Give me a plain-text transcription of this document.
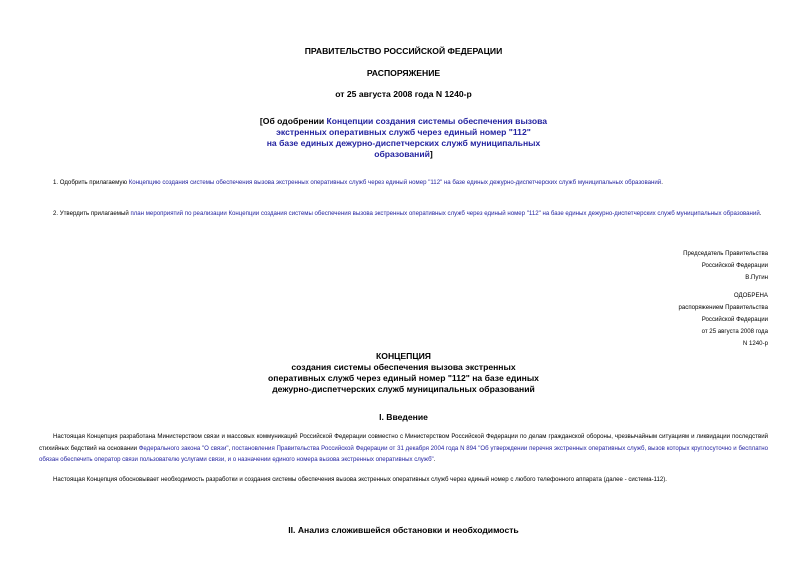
ПРАВИТЕЛЬСТВО РОССИЙСКОЙ ФЕДЕРАЦИИ
РАСПОРЯЖЕНИЕ
от 25 августа 2008 года N 1240-р
[Об одобрении Концепции создания системы обеспечения вызова
экстренных оперативных служб через единый номер "112"
на базе единых дежурно-диспетчерских служб муниципальных
образований]
1. Одобрить прилагаемую Концепцию создания системы обеспечения вызова экстренных оперативных служб через единый номер "112" на базе единых дежурно-диспетчерских служб муниципальных образований.
2. Утвердить прилагаемый план мероприятий по реализации Концепции создания системы обеспечения вызова экстренных оперативных служб через единый номер "112" на базе единых дежурно-диспетчерских служб муниципальных образований.
Председатель Правительства
Российской Федерации
В.Путин
ОДОБРЕНА
распоряжением Правительства
Российской Федерации
от 25 августа 2008 года
N 1240-р
КОНЦЕПЦИЯ
создания системы обеспечения вызова экстренных
оперативных служб через единый номер "112" на базе единых
дежурно-диспетчерских служб муниципальных образований
I. Введение
Настоящая Концепция разработана Министерством связи и массовых коммуникаций Российской Федерации совместно с Министерством Российской Федерации по делам гражданской обороны, чрезвычайным ситуациям и ликвидации последствий стихийных бедствий на основании Федерального закона "О связи", постановления Правительства Российской Федерации от 31 декабря 2004 года N 894 "Об утверждении перечня экстренных оперативных служб, вызов которых круглосуточно и бесплатно обязан обеспечить оператор связи пользователю услугами связи, и о назначении единого номера вызова экстренных оперативных служб".
Настоящая Концепция обосновывает необходимость разработки и создания системы обеспечения вызова экстренных оперативных служб через единый номер с любого телефонного аппарата (далее - система-112).
II. Анализ сложившейся обстановки и необходимость
